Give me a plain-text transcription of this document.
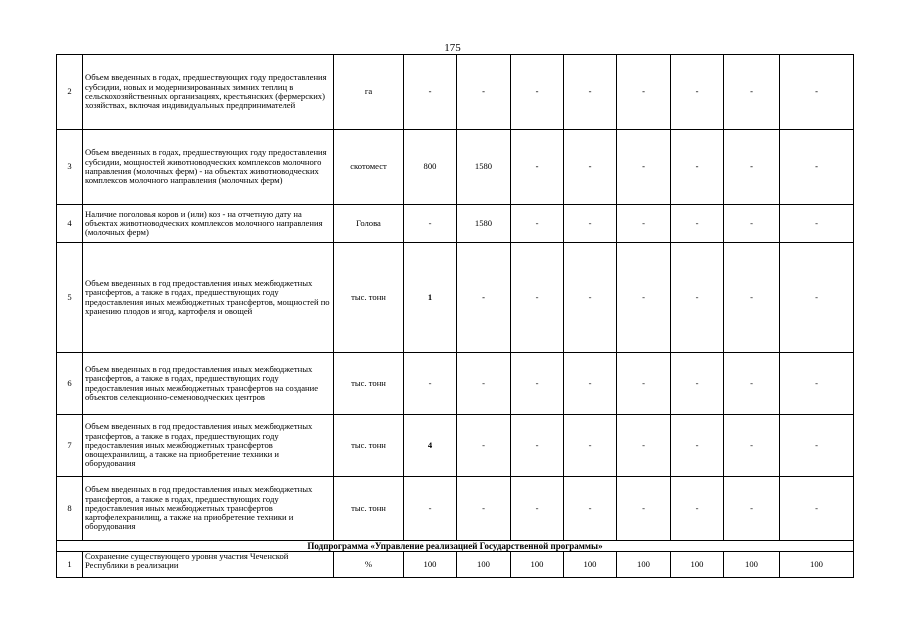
175
2	Объем введенных в годах, предшествующих году предоставления субсидии, новых и модернизированных зимних теплиц в сельскохозяйственных организациях, крестьянских (фермерских) хозяйствах, включая индивидуальных предпринимателей	га	-	-	-	-	-	-	-	-
3	Объем введенных в годах, предшествующих году предоставления субсидии, мощностей животноводческих комплексов молочного направления (молочных ферм) - на объектах животноводческих комплексов молочного направления (молочных ферм)	скотомест	800	1580	-	-	-	-	-	-
4	Наличие поголовья коров и (или) коз - на отчетную дату на объектах животноводческих комплексов молочного направления (молочных ферм)	Голова	-	1580	-	-	-	-	-	-
5	Объем введенных в год предоставления иных межбюджетных трансфертов, а также в годах, предшествующих году предоставления иных межбюджетных трансфертов, мощностей по хранению плодов и ягод, картофеля и овощей	тыс. тонн	1	-	-	-	-	-	-	-
6	Объем введенных в год предоставления иных межбюджетных трансфертов, а также в годах, предшествующих году предоставления иных межбюджетных трансфертов на создание объектов селекционно-семеноводческих центров	тыс. тонн	-	-	-	-	-	-	-	-
7	Объем введенных в год предоставления иных межбюджетных трансфертов, а также в годах, предшествующих году предоставления иных межбюджетных трансфертов овощехранилищ, а также на приобретение техники и оборудования	тыс. тонн	4	-	-	-	-	-	-	-
8	Объем введенных в год предоставления иных межбюджетных трансфертов, а также в годах, предшествующих году предоставления иных межбюджетных трансфертов картофелехранилищ, а также на приобретение техники и оборудования	тыс. тонн	-	-	-	-	-	-	-	-
Подпрограмма «Управление реализацией Государственной программы»										
1	Сохранение существующего уровня участия Чеченской Республики в реализации	%	100	100	100	100	100	100	100	100
